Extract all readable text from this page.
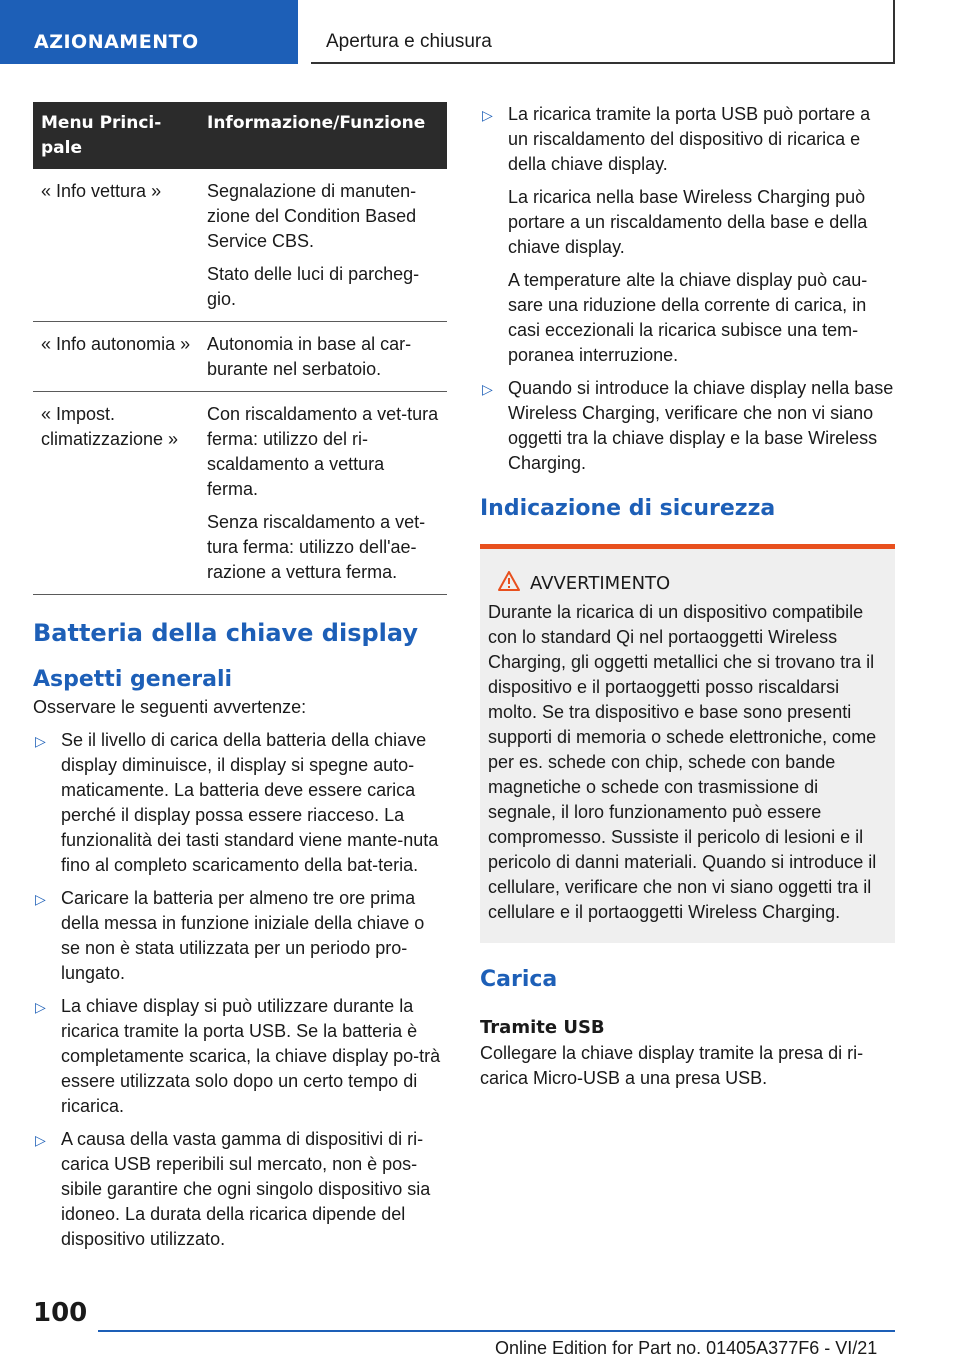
AZIONAMENTO	Apertura e chiusura
Menu Princi-
pale	Informazione/Funzione
« Info vettura »	Segnalazione di manuten-zione del Condition Based Service CBS.

Stato delle luci di parcheg-gio.

« Info autonomia »	Autonomia in base al car-burante nel serbatoio.

« Impost. climatizzazione »	Con riscaldamento a vet-tura ferma: utilizzo del ri-scaldamento a vettura ferma.

Senza riscaldamento a vet-tura ferma: utilizzo dell'ae-razione a vettura ferma.

Batteria della chiave display
Aspetti generali

Osservare le seguenti avvertenze:

▷ Se il livello di carica della batteria della chiave display diminuisce, il display si spegne auto-maticamente. La batteria deve essere carica perché il display possa essere riacceso. La funzionalità dei tasti standard viene mante-nuta fino al completo scaricamento della bat-teria.

▷ Caricare la batteria per almeno tre ore prima della messa in funzione iniziale della chiave o se non è stata utilizzata per un periodo pro-lungato.

▷ La chiave display si può utilizzare durante la ricarica tramite la porta USB. Se la batteria è completamente scarica, la chiave display po-trà essere utilizzata solo dopo un certo tempo di ricarica.

▷ A causa della vasta gamma di dispositivi di ri-carica USB reperibili sul mercato, non è pos-sibile garantire che ogni singolo dispositivo sia idoneo. La durata della ricarica dipende del dispositivo utilizzato.

▷ La ricarica tramite la porta USB può portare a un riscaldamento del dispositivo di ricarica e della chiave display.

La ricarica nella base Wireless Charging può portare a un riscaldamento della base e della chiave display.

A temperature alte la chiave display può cau-sare una riduzione della corrente di carica, in casi eccezionali la ricarica subisce una tem-poranea interruzione.

▷ Quando si introduce la chiave display nella base Wireless Charging, verificare che non vi siano oggetti tra la chiave display e la base Wireless Charging.

Indicazione di sicurezza
AVVERTIMENTO

Durante la ricarica di un dispositivo compatibile con lo standard Qi nel portaoggetti Wireless Charging, gli oggetti metallici che si trovano tra il dispositivo e il portaoggetti posso riscaldarsi molto. Se tra dispositivo e base sono presenti supporti di memoria o schede elettroniche, come per es. schede con chip, schede con bande magnetiche o schede con trasmissione di segnale, il loro funzionamento può essere compromesso. Sussiste il pericolo di lesioni e il pericolo di danni materiali. Quando si introduce il cellulare, verificare che non vi siano oggetti tra il cellulare e il portaoggetti Wireless Charging.

Carica

Tramite USB

Collegare la chiave display tramite la presa di ri-carica Micro-USB a una presa USB.

100
Online Edition for Part no. 01405A377F6 - VI/21
